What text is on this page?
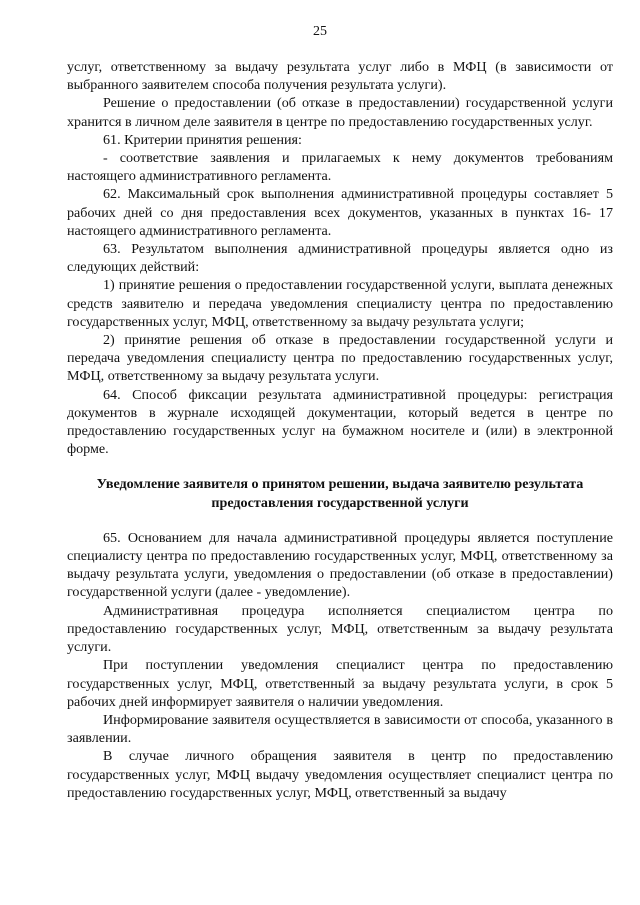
25

услуг, ответственному за выдачу результата услуг либо в МФЦ (в зависимости от выбранного заявителем способа получения результата услуги).

Решение о предоставлении (об отказе в предоставлении) государственной услуги хранится в личном деле заявителя в центре по предоставлению государственных услуг.

61. Критерии принятия решения:

- соответствие заявления и прилагаемых к нему документов требованиям настоящего административного регламента.

62. Максимальный срок выполнения административной процедуры составляет 5 рабочих дней со дня предоставления всех документов, указанных в пунктах 16- 17 настоящего административного регламента.

63. Результатом выполнения административной процедуры является одно из следующих действий:

1) принятие решения о предоставлении государственной услуги, выплата денежных средств заявителю и передача уведомления специалисту центра по предоставлению государственных услуг, МФЦ, ответственному за выдачу результата услуги;

2) принятие решения об отказе в предоставлении государственной услуги и передача уведомления специалисту центра по предоставлению государственных услуг, МФЦ, ответственному за выдачу результата услуги.

64. Способ фиксации результата административной процедуры: регистрация документов в журнале исходящей документации, который ведется в центре по предоставлению государственных услуг на бумажном носителе и (или) в электронной форме.

Уведомление заявителя о принятом решении, выдача заявителю результата предоставления государственной услуги

65. Основанием для начала административной процедуры является поступление специалисту центра по предоставлению государственных услуг, МФЦ, ответственному за выдачу результата услуги, уведомления о предоставлении (об отказе в предоставлении) государственной услуги (далее - уведомление).

Административная процедура исполняется специалистом центра по предоставлению государственных услуг, МФЦ, ответственным за выдачу результата услуги.

При поступлении уведомления специалист центра по предоставлению государственных услуг, МФЦ, ответственный за выдачу результата услуги, в срок 5 рабочих дней информирует заявителя о наличии уведомления.

Информирование заявителя осуществляется в зависимости от способа, указанного в заявлении.

В случае личного обращения заявителя в центр по предоставлению государственных услуг, МФЦ выдачу уведомления осуществляет специалист центра по предоставлению государственных услуг, МФЦ, ответственный за выдачу
